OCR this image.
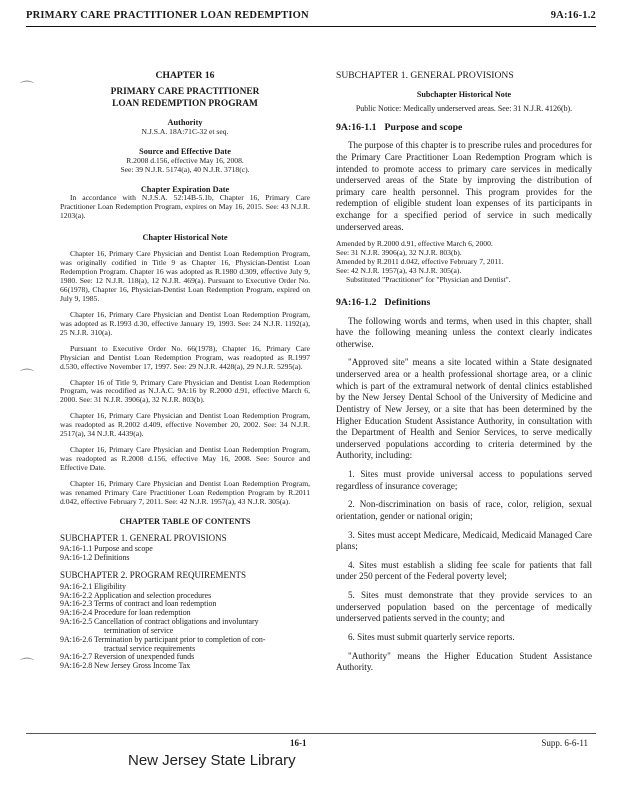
PRIMARY CARE PRACTITIONER LOAN REDEMPTION	9A:16-1.2
⌒
⌒
⌒
CHAPTER 16
PRIMARY CARE PRACTITIONER
LOAN REDEMPTION PROGRAM
Authority
N.J.S.A. 18A:71C-32 et seq.
Source and Effective Date
R.2008 d.156, effective May 16, 2008.
See: 39 N.J.R. 5174(a), 40 N.J.R. 3718(c).
Chapter Expiration Date
In accordance with N.J.S.A. 52:14B-5.1b, Chapter 16, Primary Care Practitioner Loan Redemption Program, expires on May 16, 2015. See: 43 N.J.R. 1203(a).
Chapter Historical Note
Chapter 16, Primary Care Physician and Dentist Loan Redemption Program, was originally codified in Title 9 as Chapter 16, Physician-Dentist Loan Redemption Program. Chapter 16 was adopted as R.1980 d.309, effective July 9, 1980. See: 12 N.J.R. 118(a), 12 N.J.R. 469(a). Pursuant to Executive Order No. 66(1978), Chapter 16, Physician-Dentist Loan Redemption Program, expired on July 9, 1985.
Chapter 16, Primary Care Physician and Dentist Loan Redemption Program, was adopted as R.1993 d.30, effective January 19, 1993. See: 24 N.J.R. 1192(a), 25 N.J.R. 310(a).
Pursuant to Executive Order No. 66(1978), Chapter 16, Primary Care Physician and Dentist Loan Redemption Program, was readopted as R.1997 d.530, effective November 17, 1997. See: 29 N.J.R. 4428(a), 29 N.J.R. 5295(a).
Chapter 16 of Title 9, Primary Care Physician and Dentist Loan Redemption Program, was recodified as N.J.A.C. 9A:16 by R.2000 d.91, effective March 6, 2000. See: 31 N.J.R. 3906(a), 32 N.J.R. 803(b).
Chapter 16, Primary Care Physician and Dentist Loan Redemption Program, was readopted as R.2002 d.409, effective November 20, 2002. See: 34 N.J.R. 2517(a), 34 N.J.R. 4439(a).
Chapter 16, Primary Care Physician and Dentist Loan Redemption Program, was readopted as R.2008 d.156, effective May 16, 2008. See: Source and Effective Date.
Chapter 16, Primary Care Physician and Dentist Loan Redemption Program, was renamed Primary Care Practitioner Loan Redemption Program by R.2011 d.042, effective February 7, 2011. See: 42 N.J.R. 1957(a), 43 N.J.R. 305(a).
CHAPTER TABLE OF CONTENTS
SUBCHAPTER 1. GENERAL PROVISIONS
9A:16-1.1 Purpose and scope
9A:16-1.2 Definitions
SUBCHAPTER 2. PROGRAM REQUIREMENTS
9A:16-2.1 Eligibility
9A:16-2.2 Application and selection procedures
9A:16-2.3 Terms of contract and loan redemption
9A:16-2.4 Procedure for loan redemption
9A:16-2.5 Cancellation of contract obligations and involuntary
termination of service
9A:16-2.6 Termination by participant prior to completion of con-
tractual service requirements
9A:16-2.7 Reversion of unexpended funds
9A:16-2.8 New Jersey Gross Income Tax
SUBCHAPTER 1. GENERAL PROVISIONS
Subchapter Historical Note
Public Notice: Medically underserved areas. See: 31 N.J.R. 4126(b).
9A:16-1.1 Purpose and scope
The purpose of this chapter is to prescribe rules and procedures for the Primary Care Practitioner Loan Redemption Program which is intended to promote access to primary care services in medically underserved areas of the State by improving the distribution of primary care health personnel. This program provides for the redemption of eligible student loan expenses of its participants in exchange for a specified period of service in such medically underserved areas.
Amended by R.2000 d.91, effective March 6, 2000.
See: 31 N.J.R. 3906(a), 32 N.J.R. 803(b).
Amended by R.2011 d.042, effective February 7, 2011.
See: 42 N.J.R. 1957(a), 43 N.J.R. 305(a).
Substituted "Practitioner" for "Physician and Dentist".
9A:16-1.2 Definitions
The following words and terms, when used in this chapter, shall have the following meaning unless the context clearly indicates otherwise.
"Approved site" means a site located within a State designated underserved area or a health professional shortage area, or a clinic which is part of the extramural network of dental clinics established by the New Jersey Dental School of the University of Medicine and Dentistry of New Jersey, or a site that has been determined by the Higher Education Student Assistance Authority, in consultation with the Department of Health and Senior Services, to serve medically underserved populations according to criteria determined by the Authority, including:
1. Sites must provide universal access to populations served regardless of insurance coverage;
2. Non-discrimination on basis of race, color, religion, sexual orientation, gender or national origin;
3. Sites must accept Medicare, Medicaid, Medicaid Managed Care plans;
4. Sites must establish a sliding fee scale for patients that fall under 250 percent of the Federal poverty level;
5. Sites must demonstrate that they provide services to an underserved population based on the percentage of medically underserved patients served in the county; and
6. Sites must submit quarterly service reports.
"Authority" means the Higher Education Student Assistance Authority.
16-1	Supp. 6-6-11
New Jersey State Library
